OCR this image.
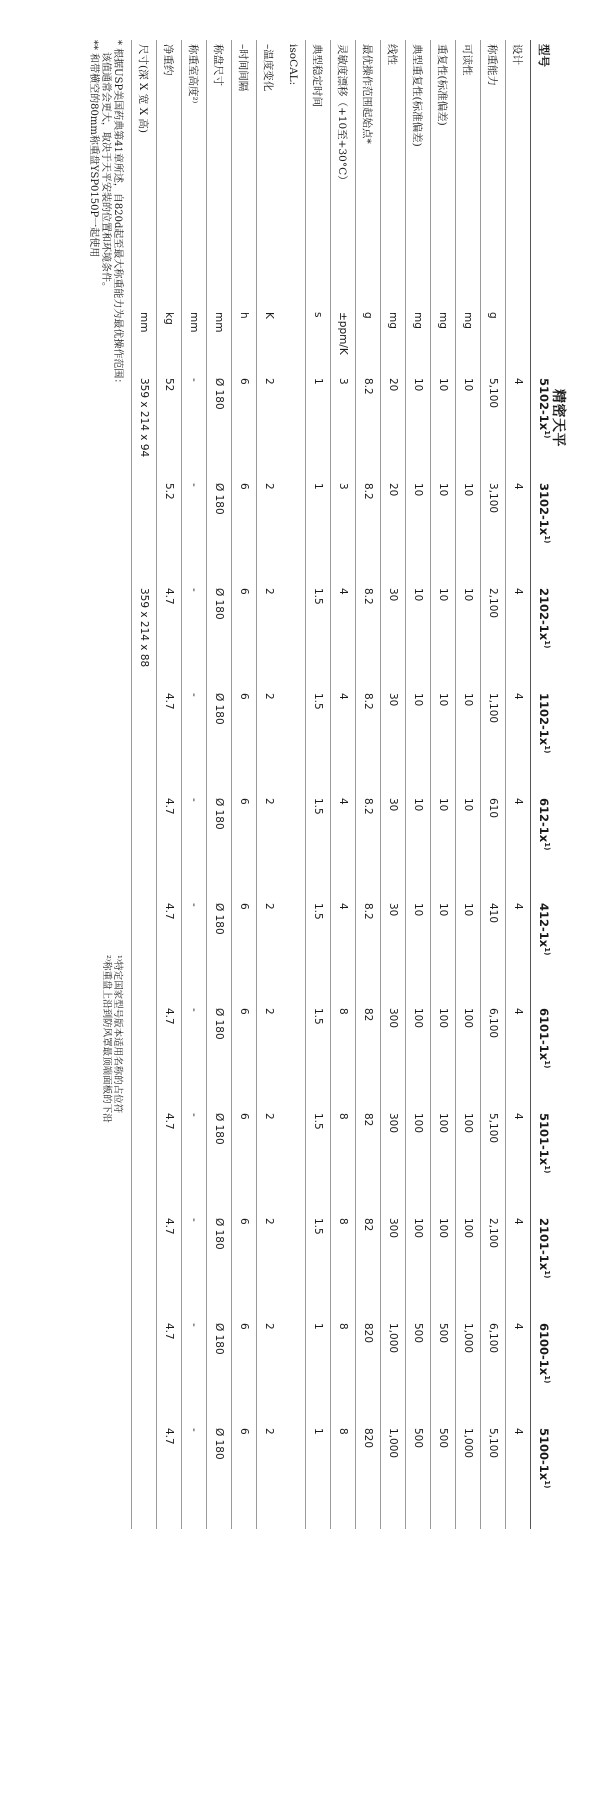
精密天平
型号		$5102-1x^{1)}$	$3102-1x^{1)}$	$2102-1x^{1)}$	$1102-1x^{1)}$	$612-1x^{1)}$	$412-1x^{1)}$	$6101-1x^{1)}$	$5101-1x^{1)}$	$2101-1x^{1)}$	$6100-1x^{1)}$	$5100-1x^{1)}$
设计		4	4	4	4	4	4	4	4	4	4	4
称重能力	g	5,100	3,100	2,100	1,100	610	410	6,100	5,100	2,100	6,100	5,100
可读性	mg	10	10	10	10	10	10	100	100	100	1,000	1,000
重复性(标准偏差)	mg	10	10	10	10	10	10	100	100	100	500	500
典型重复性(标准偏差)	mg	10	10	10	10	10	10	100	100	100	500	500
线性	mg	20	20	30	30	30	30	300	300	300	1,000	1,000
最优操作范围起始点*	g	8.2	8.2	8.2	8.2	8.2	8.2	82	82	82	820	820
灵敏度漂移（+10至+30°C）	±ppm/K	3	3	4	4	4	4	8	8	8	8	8
典型稳定时间	s	1	1	1.5	1.5	1.5	1.5	1.5	1.5	1.5	1	1
isoCAL:												
–温度变化	K	2	2	2	2	2	2	2	2	2	2	2
–时间间隔	h	6	6	6	6	6	6	6	6	6	6	6
称盘尺寸	mm	Ø 180	Ø 180	Ø 180	Ø 180	Ø 180	Ø 180	Ø 180	Ø 180	Ø 180	Ø 180	Ø 180
称重室高度²⁾	mm	-	-	-	-	-	-	-	-	-	-	-
净重约	kg	52	5.2	4.7	4.7	4.7	4.7	4.7	4.7	4.7	4.7	4.7
尺寸(深 X 宽 X 高)	mm	359 x 214 x 94		359 x 214 x 88								
* 根据USP美国药典第41章所述，自820d起至最大称重能力为最优操作范围：
该值通常会更大，取决于天平安装的位置和环境条件。
** 和带横空的80mm称重盘YSP0150P一起使用
¹⁾特定国家型号版本适用名称的占位符
²⁾称重盘上沿到防风罩最顶端面板的下沿
